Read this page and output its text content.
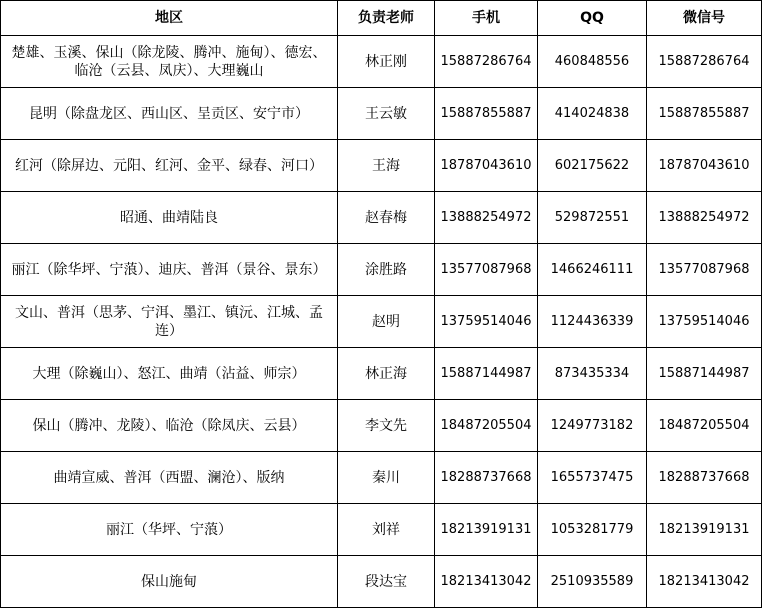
地区	负责老师	手机	QQ	微信号
楚雄、玉溪、保山（除龙陵、腾冲、施甸）、德宏、临沧（云县、凤庆）、大理巍山	林正刚	15887286764	460848556	15887286764
昆明（除盘龙区、西山区、呈贡区、安宁市）	王云敏	15887855887	414024838	15887855887
红河（除屏边、元阳、红河、金平、绿春、河口）	王海	18787043610	602175622	18787043610
昭通、曲靖陆良	赵春梅	13888254972	529872551	13888254972
丽江（除华坪、宁蒗）、迪庆、普洱（景谷、景东）	涂胜路	13577087968	1466246111	13577087968
文山、普洱（思茅、宁洱、墨江、镇沅、江城、孟连）	赵明	13759514046	1124436339	13759514046
大理（除巍山）、怒江、曲靖（沾益、师宗）	林正海	15887144987	873435334	15887144987
保山（腾冲、龙陵）、临沧（除凤庆、云县）	李文先	18487205504	1249773182	18487205504
曲靖宣威、普洱（西盟、澜沧）、版纳	秦川	18288737668	1655737475	18288737668
丽江（华坪、宁蒗）	刘祥	18213919131	1053281779	18213919131
保山施甸	段达宝	18213413042	2510935589	18213413042
